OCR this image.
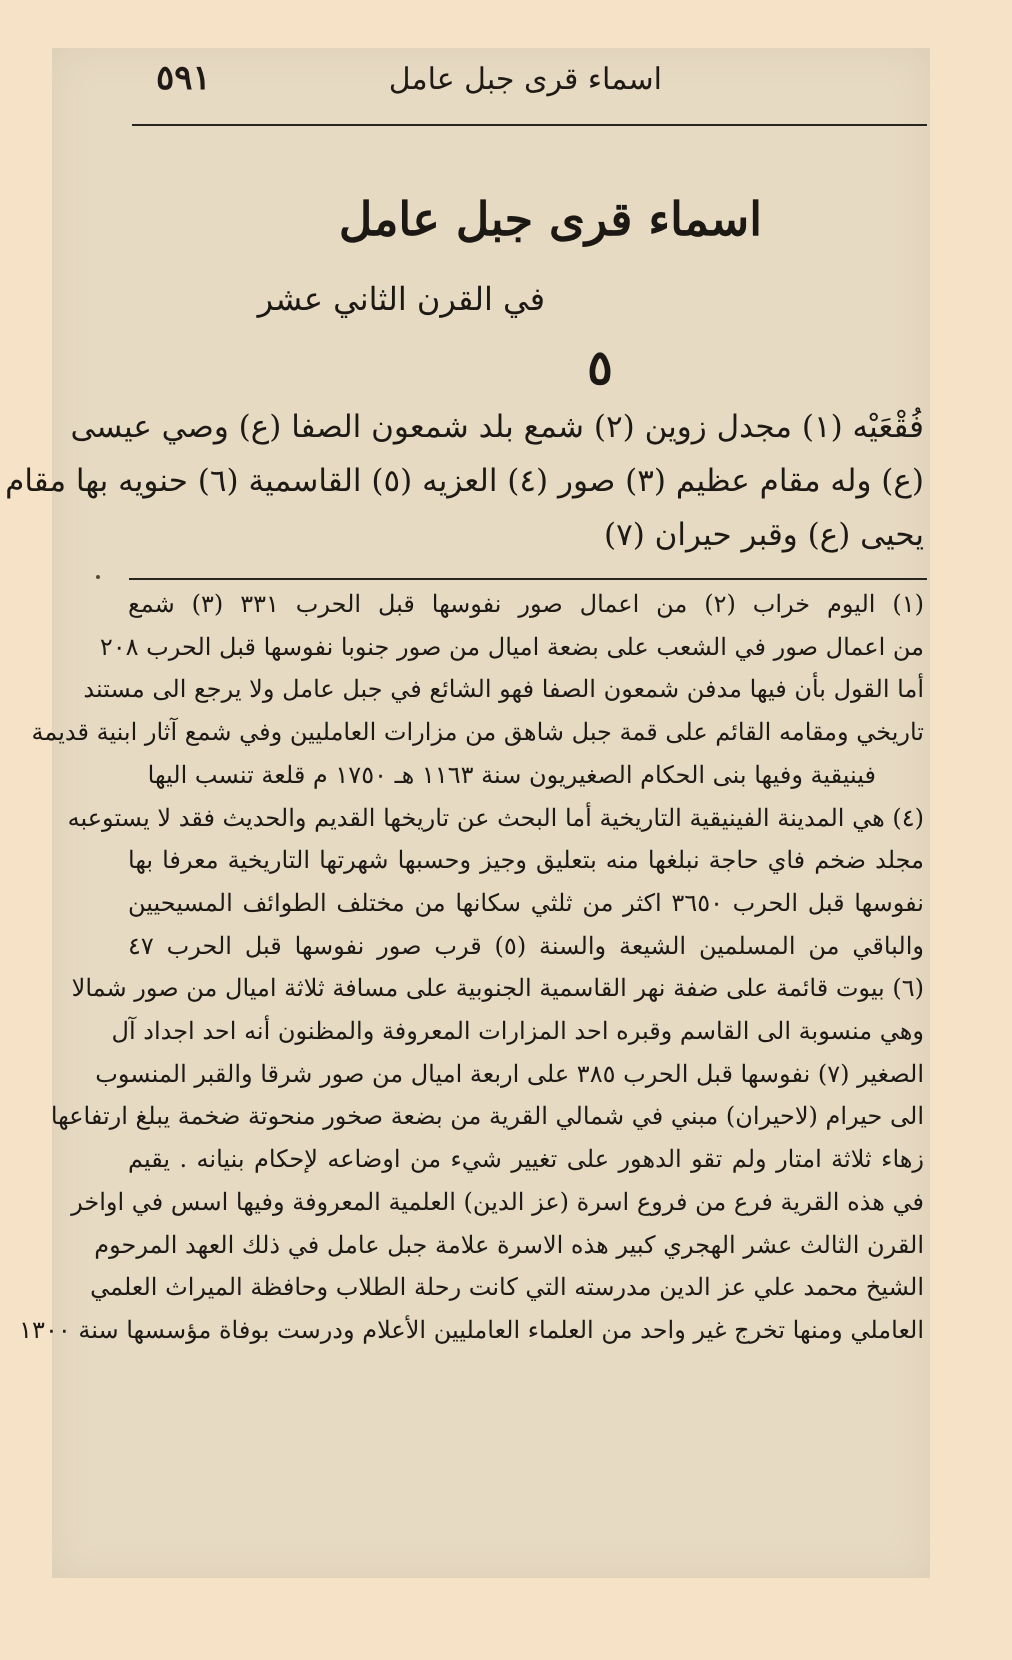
اسماء قرى جبل عامل
٥٩١
اسماء قرى جبل عامل
في القرن الثاني عشر
٥

فُقْعَيْه (١) مجدل زوين (٢) شمع بلد شمعون الصفا (ع) وصي عيسى

(ع) وله مقام عظيم (٣) صور (٤) العزيه (٥) القاسمية (٦) حنويه بها مقام

يحيى (ع) وقبر حيران (٧)

(١) اليوم خراب (٢) من اعمال صور نفوسها قبل الحرب ٣٣١ (٣) شمع
من اعمال صور في الشعب على بضعة اميال من صور جنوبا نفوسها قبل الحرب ٢٠٨
أما القول بأن فيها مدفن شمعون الصفا فهو الشائع في جبل عامل ولا يرجع الى مستند
تاريخي ومقامه القائم على قمة جبل شاهق من مزارات العامليين وفي شمع آثار ابنية قديمة
فينيقية وفيها بنى الحكام الصغيريون سنة ١١٦٣ هـ ١٧٥٠ م قلعة تنسب اليها
(٤) هي المدينة الفينيقية التاريخية أما البحث عن تاريخها القديم والحديث فقد لا يستوعبه
مجلد ضخم فاي حاجة نبلغها منه بتعليق وجيز وحسبها شهرتها التاريخية معرفا بها
نفوسها قبل الحرب ٣٦٥٠ اكثر من ثلثي سكانها من مختلف الطوائف المسيحيين
والباقي من المسلمين الشيعة والسنة (٥) قرب صور نفوسها قبل الحرب ٤٧
(٦) بيوت قائمة على ضفة نهر القاسمية الجنوبية على مسافة ثلاثة اميال من صور شمالا
وهي منسوبة الى القاسم وقبره احد المزارات المعروفة والمظنون أنه احد اجداد آل
الصغير (٧) نفوسها قبل الحرب ٣٨٥ على اربعة اميال من صور شرقا والقبر المنسوب
الى حيرام (لاحيران) مبني في شمالي القرية من بضعة صخور منحوتة ضخمة يبلغ ارتفاعها
زهاء ثلاثة امتار ولم تقو الدهور على تغيير شيء من اوضاعه لإحكام بنيانه . يقيم
في هذه القرية فرع من فروع اسرة (عز الدين) العلمية المعروفة وفيها اسس في اواخر
القرن الثالث عشر الهجري كبير هذه الاسرة علامة جبل عامل في ذلك العهد المرحوم
الشيخ محمد علي عز الدين مدرسته التي كانت رحلة الطلاب وحافظة الميراث العلمي
العاملي ومنها تخرج غير واحد من العلماء العامليين الأعلام ودرست بوفاة مؤسسها سنة ١٣٠٠
